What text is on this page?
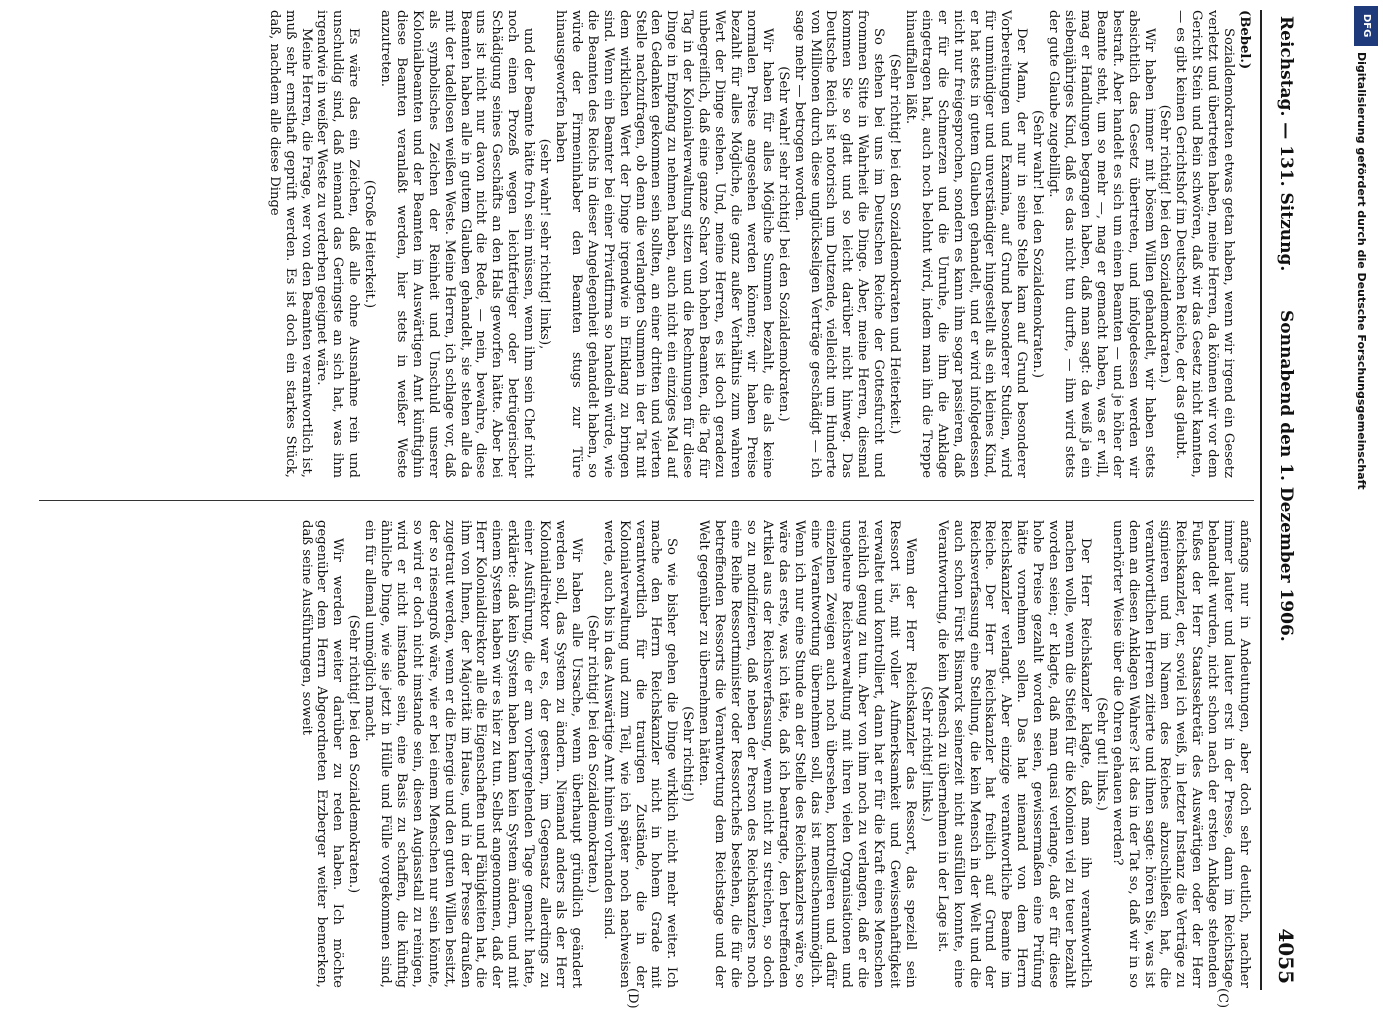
Reichstag. — 131. Sitzung.
Sonnabend den 1. Dezember 1906.
4055
(C)
(D)

(Bebel.)

Sozialdemokraten etwas getan haben, wenn wir irgend ein Gesetz verletzt und übertreten haben, meine Herren, da können wir vor dem Gericht Stein und Bein schwören, daß wir das Gesetz nicht kannten, — es gibt keinen Gerichtshof im Deutschen Reiche, der das glaubt.

(Sehr richtig! bei den Sozialdemokraten.)

Wir haben immer mit bösem Willen gehandelt, wir haben stets absichtlich das Gesetz übertreten, und infolgedessen werden wir bestraft. Aber handelt es sich um einen Beamten — und je höher der Beamte steht, um so mehr —, mag er gemacht haben, was er will, mag er Handlungen begangen haben, daß man sagt: da weiß ja ein siebenjähriges Kind, daß es das nicht tun durfte, — ihm wird stets der gute Glaube zugebilligt.

(Sehr wahr! bei den Sozialdemokraten.)

Der Mann, der nur in seine Stelle kam auf Grund besonderer Vorbereitungen und Examina, auf Grund besonderer Studien, wird für unmündiger und unverständiger hingestellt als ein kleines Kind, er hat stets in gutem Glauben gehandelt, und er wird infolgedessen nicht nur freigesprochen, sondern es kann ihm sogar passieren, daß er für die Schmerzen und die Unruhe, die ihm die Anklage eingetragen hat, auch noch belohnt wird, indem man ihn die Treppe hinauffallen läßt.

(Sehr richtig! bei den Sozialdemokraten und Heiterkeit.)

So stehen bei uns im Deutschen Reiche der Gottesfurcht und frommen Sitte in Wahrheit die Dinge. Aber, meine Herren, diesmal kommen Sie so glatt und so leicht darüber nicht hinweg. Das Deutsche Reich ist notorisch um Dutzende, vielleicht um Hunderte von Millionen durch diese unglückseligen Verträge geschädigt — ich sage mehr — betrogen worden.

(Sehr wahr! sehr richtig! bei den Sozialdemokraten.)

Wir haben für alles Mögliche Summen bezahlt, die als keine normalen Preise angesehen werden können; wir haben Preise bezahlt für alles Mögliche, die ganz außer Verhältnis zum wahren Wert der Dinge stehen. Und, meine Herren, es ist doch geradezu unbegreiflich, daß eine ganze Schar von hohen Beamten, die Tag für Tag in der Kolonialverwaltung sitzen und die Rechnungen für diese Dinge in Empfang zu nehmen haben, auch nicht ein einziges Mal auf den Gedanken gekommen sein sollten, an einer dritten und vierten Stelle nachzufragen, ob denn die verlangten Summen in der Tat mit dem wirklichen Wert der Dinge irgendwie in Einklang zu bringen sind. Wenn ein Beamter bei einer Privatfirma so handeln würde, wie die Beamten des Reichs in dieser Angelegenheit gehandelt haben, so würde der Firmeninhaber den Beamten stugs zur Türe hinausgeworfen haben

(sehr wahr! sehr richtig! links),

und der Beamte hätte froh sein müssen, wenn ihm sein Chef nicht noch einen Prozeß wegen leichtfertiger oder betrügerischer Schädigung seines Geschäfts an den Hals geworfen hätte. Aber bei uns ist nicht nur davon nicht die Rede, — nein, bewahre, diese Beamten haben alle in gutem Glauben gehandelt, sie stehen alle da mit der tadellosen weißen Weste. Meine Herren, ich schlage vor, daß als symbolisches Zeichen der Reinheit und Unschuld unserer Kolonialbeamten und der Beamten im Auswärtigen Amt künftighin diese Beamten veranlaßt werden, hier stets in weißer Weste anzutreten.

(Große Heiterkeit.)

Es wäre das ein Zeichen, daß alle ohne Ausnahme rein und unschuldig sind, daß niemand das Geringste an sich hat, was ihm irgendwie in weißer Weste zu verderben geeignet wäre.

Meine Herren, die Frage, wer von den Beamten verantwortlich ist, muß sehr ernsthaft geprüft werden. Es ist doch ein starkes Stück, daß, nachdem alle diese Dinge

anfangs nur in Andeutungen, aber doch sehr deutlich, nachher immer lauter und lauter erst in der Presse, dann im Reichstage behandelt wurden, nicht schon nach der ersten Anklage stehenden Fußes der Herr Staatssekretär des Auswärtigen oder der Herr Reichskanzler, der, soviel ich weiß, in letzter Instanz die Verträge zu signieren und im Namen des Reiches abzuschließen hat, die verantwortlichen Herren zitierte und ihnen sagte: hören Sie, was ist denn an diesen Anklagen Wahres? ist das in der Tat so, daß wir in so unerhörter Weise über die Ohren gehauen werden?

(Sehr gut! links.)

Der Herr Reichskanzler klagte, daß man ihn verantwortlich machen wolle, wenn die Stiefel für die Kolonien viel zu teuer bezahlt worden seien; er klagte, daß man quasi verlange, daß er für diese hohe Preise gezahlt worden seien, gewissermaßen eine Prüfung hätte vornehmen sollen. Das hat niemand von dem Herrn Reichskanzler verlangt. Aber einzige verantwortliche Beamte im Reiche. Der Herr Reichskanzler hat freilich auf Grund der Reichsverfassung eine Stellung, die kein Mensch in der Welt und die auch schon Fürst Bismarck seinerzeit nicht ausfüllen konnte, eine Verantwortung, die kein Mensch zu übernehmen in der Lage ist.

(Sehr richtig! links.)

Wenn der Herr Reichskanzler das Ressort, das speziell sein Ressort ist, mit voller Aufmerksamkeit und Gewissenhaftigkeit verwaltet und kontrolliert, dann hat er für die Kraft eines Menschen reichlich genug zu tun. Aber von ihm noch zu verlangen, daß er die ungeheure Reichsverwaltung mit ihren vielen Organisationen und einzelnen Zweigen auch noch übersehen, kontrollieren und dafür eine Verantwortung übernehmen soll, das ist menschenunmöglich. Wenn ich nur eine Stunde an der Stelle des Reichskanzlers wäre, so wäre das erste, was ich täte, daß ich beantragte, den betreffenden Artikel aus der Reichsverfassung, wenn nicht zu streichen, so doch so zu modifizieren, daß neben der Person des Reichskanzlers noch eine Reihe Ressortminister oder Ressortchefs bestehen, die für die betreffenden Ressorts die Verantwortung dem Reichstage und der Welt gegenüber zu übernehmen hätten.

(Sehr richtig!)

So wie bisher gehen die Dinge wirklich nicht mehr weiter. Ich mache den Herrn Reichskanzler nicht in hohem Grade mit verantwortlich für die traurigen Zustände, die in der Kolonialverwaltung und zum Teil, wie ich später noch nachweisen werde, auch bis in das Auswärtige Amt hinein vorhanden sind.

(Sehr richtig! bei den Sozialdemokraten.)

Wir haben alle Ursache, wenn überhaupt gründlich geändert werden soll, das System zu ändern. Niemand anders als der Herr Kolonialdirektor war es, der gestern, im Gegensatz allerdings zu einer Ausführung, die er am vorhergehenden Tage gemacht hatte, erklärte: daß kein System haben kann kein System ändern, und mit einem System haben wir es hier zu tun. Selbst angenommen, daß der Herr Kolonialdirektor alle die Eigenschaften und Fähigkeiten hat, die ihm von Ihnen, der Majorität im Hause, und in der Presse draußen zugetraut werden, wenn er die Energie und den guten Willen besitzt, der so riesengroß wäre, wie er bei einem Menschen nur sein könnte, so wird er doch nicht imstande sein, diesen Augiasstall zu reinigen, wird er nicht imstande sein, eine Basis zu schaffen, die künftig ähnliche Dinge, wie sie jetzt in Hülle und Fülle vorgekommen sind, ein für allemal unmöglich macht.

(Sehr richtig! bei den Sozialdemokraten.)

Wir werden weiter darüber zu reden haben. Ich möchte gegenüber dem Herrn Abgeordneten Erzberger weiter bemerken, daß seine Ausführungen, soweit

DFG
Digitalisierung gefördert durch die Deutsche Forschungsgemeinschaft
